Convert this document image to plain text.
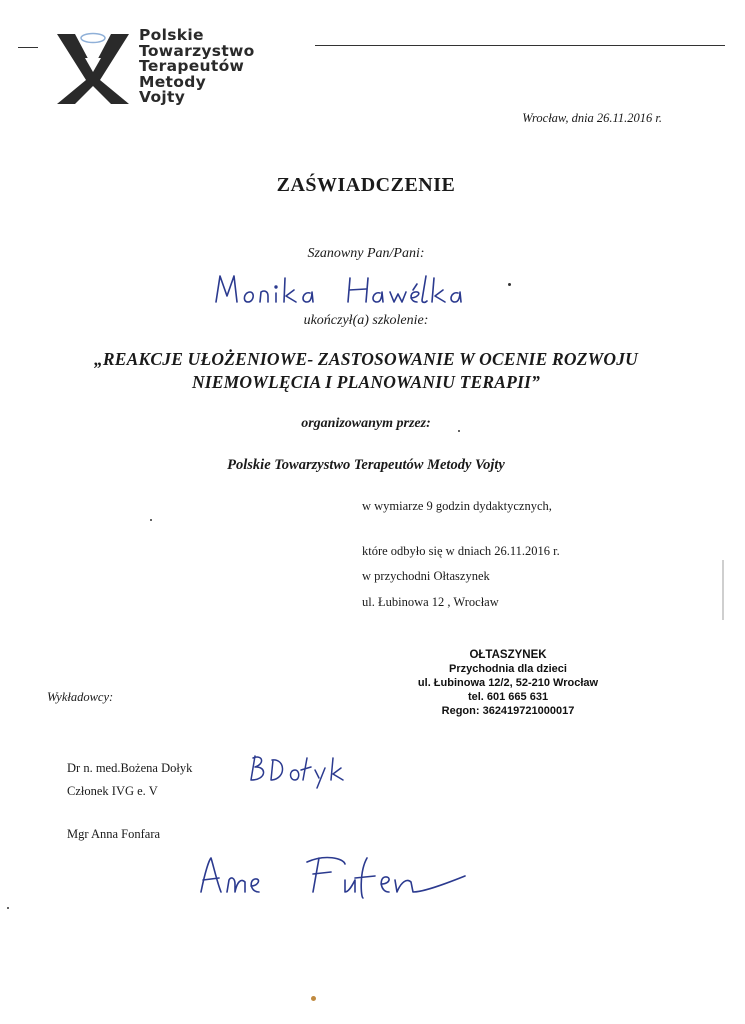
Polskie
Towarzystwo
Terapeutów
Metody
Vojty
Wrocław, dnia 26.11.2016 r.
ZAŚWIADCZENIE
Szanowny Pan/Pani:
ukończył(a) szkolenie:
„REAKCJE UŁOŻENIOWE- ZASTOSOWANIE W OCENIE ROZWOJU
NIEMOWLĘCIA I PLANOWANIU TERAPII”
organizowanym przez:
Polskie Towarzystwo Terapeutów Metody Vojty
w wymiarze 9 godzin dydaktycznych,
które odbyło się w dniach 26.11.2016 r.
w przychodni Ołtaszynek
ul. Łubinowa 12 , Wrocław
OŁTASZYNEK
Przychodnia dla dzieci
ul. Łubinowa 12/2, 52-210 Wrocław
tel. 601 665 631
Regon: 362419721000017
Wykładowcy:
Dr n. med.Bożena Dołyk
Członek IVG e. V
Mgr Anna Fonfara
